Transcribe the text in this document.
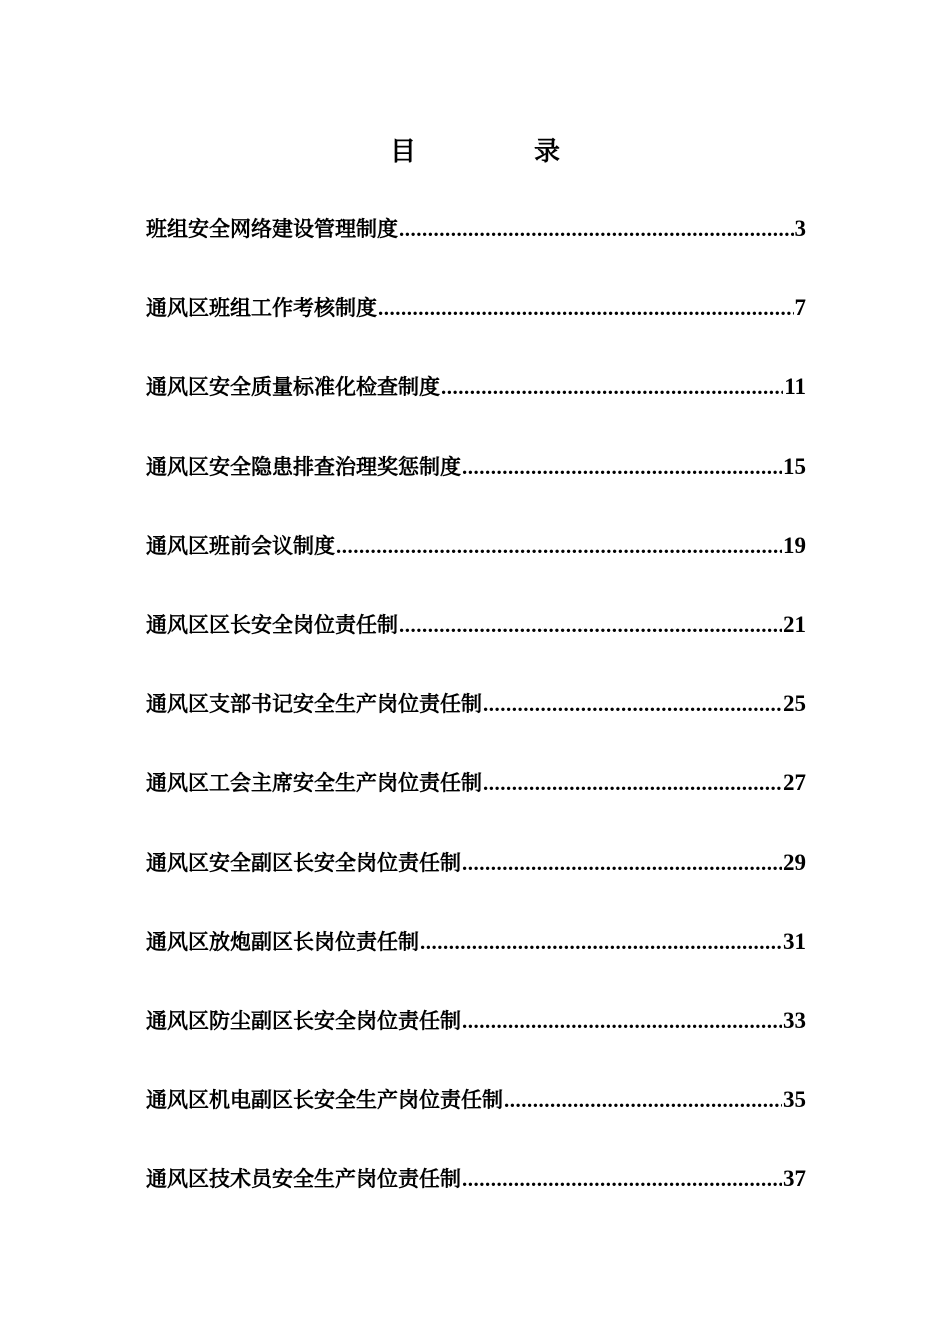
目　录
班组安全网络建设管理制度 .....	3
通风区班组工作考核制度 .....	7
通风区安全质量标准化检查制度 .....	11
通风区安全隐患排查治理奖惩制度 .....	15
通风区班前会议制度 .....	19
通风区区长安全岗位责任制 .....	21
通风区支部书记安全生产岗位责任制 .....	25
通风区工会主席安全生产岗位责任制 .....	27
通风区安全副区长安全岗位责任制 .....	29
通风区放炮副区长岗位责任制 .....	31
通风区防尘副区长安全岗位责任制 .....	33
通风区机电副区长安全生产岗位责任制 .....	35
通风区技术员安全生产岗位责任制 .....	37
